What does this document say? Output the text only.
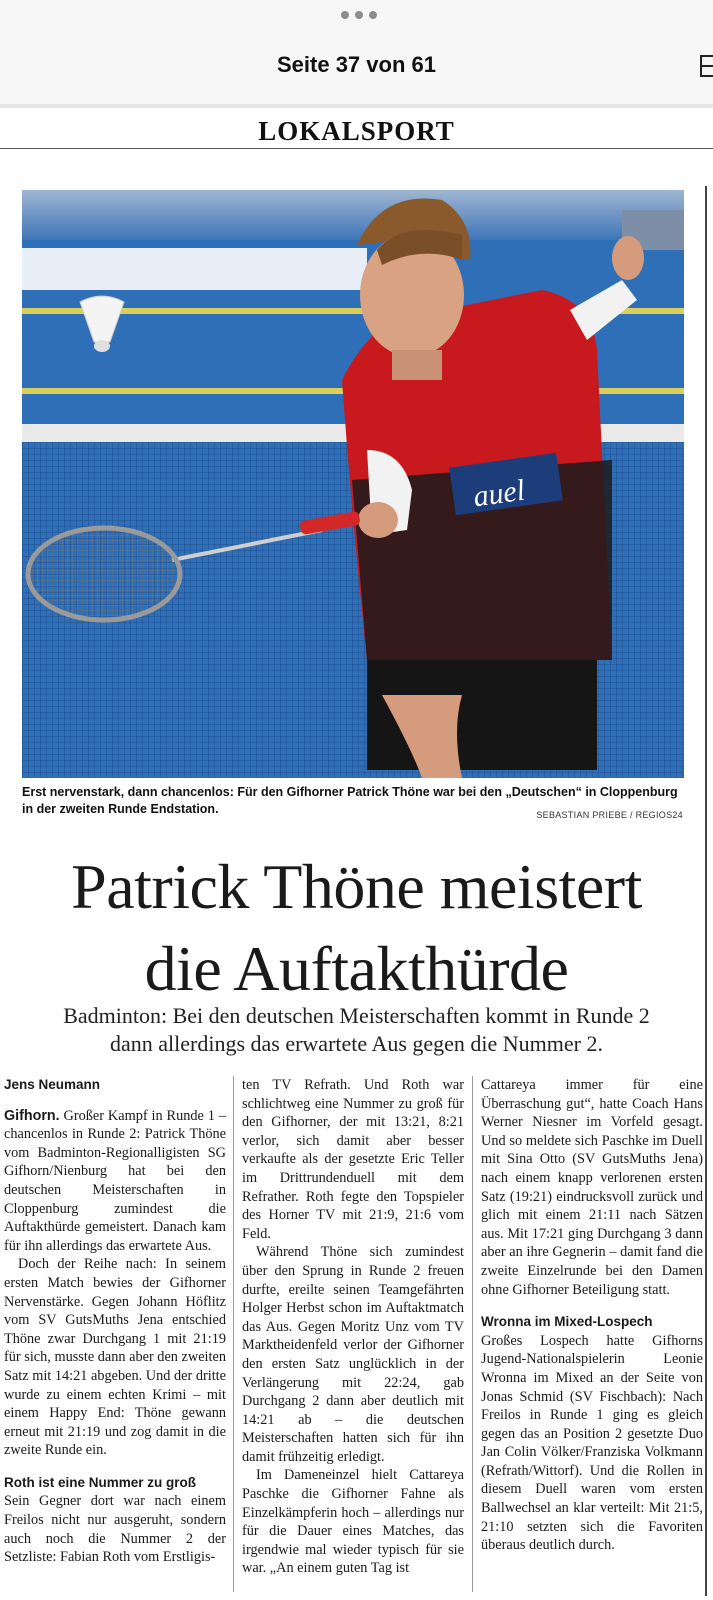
Seite 37 von 61
LOKALSPORT
auel
Erst nervenstark, dann chancenlos: Für den Gifhorner Patrick Thöne war bei den „Deutschen“ in Cloppenburg in der zweiten Runde Endstation.	SEBASTIAN PRIEBE / REGIOS24
Patrick Thöne meistert
die Auftakthürde
Badminton: Bei den deutschen Meisterschaften kommt in Runde 2
dann allerdings das erwartete Aus gegen die Nummer 2.
Jens Neumann

Gifhorn. Großer Kampf in Runde 1 – chancenlos in Runde 2: Patrick Thöne vom Badminton-Regionalligisten SG Gifhorn/Nienburg hat bei den deutschen Meisterschaften in Cloppenburg zumindest die Auftakthürde gemeistert. Danach kam für ihn allerdings das erwartete Aus.

Doch der Reihe nach: In seinem ersten Match bewies der Gifhorner Nervenstärke. Gegen Johann Höflitz vom SV GutsMuths Jena entschied Thöne zwar Durchgang 1 mit 21:19 für sich, musste dann aber den zweiten Satz mit 14:21 abgeben. Und der dritte wurde zu einem echten Krimi – mit einem Happy End: Thöne gewann erneut mit 21:19 und zog damit in die zweite Runde ein.

Roth ist eine Nummer zu groß

Sein Gegner dort war nach einem Freilos nicht nur ausgeruht, sondern auch noch die Nummer 2 der Setzliste: Fabian Roth vom Erstligis-

ten TV Refrath. Und Roth war schlichtweg eine Nummer zu groß für den Gifhorner, der mit 13:21, 8:21 verlor, sich damit aber besser verkaufte als der gesetzte Eric Teller im Drittrundenduell mit dem Refrather. Roth fegte den Topspieler des Horner TV mit 21:9, 21:6 vom Feld.

Während Thöne sich zumindest über den Sprung in Runde 2 freuen durfte, ereilte seinen Teamgefährten Holger Herbst schon im Auftaktmatch das Aus. Gegen Moritz Unz vom TV Marktheidenfeld verlor der Gifhorner den ersten Satz unglücklich in der Verlängerung mit 22:24, gab Durchgang 2 dann aber deutlich mit 14:21 ab – die deutschen Meisterschaften hatten sich für ihn damit frühzeitig erledigt.

Im Dameneinzel hielt Cattareya Paschke die Gifhorner Fahne als Einzelkämpferin hoch – allerdings nur für die Dauer eines Matches, das irgendwie mal wieder typisch für sie war. „An einem guten Tag ist

Cattareya immer für eine Überraschung gut“, hatte Coach Hans Werner Niesner im Vorfeld gesagt. Und so meldete sich Paschke im Duell mit Sina Otto (SV GutsMuths Jena) nach einem knapp verlorenen ersten Satz (19:21) eindrucksvoll zurück und glich mit einem 21:11 nach Sätzen aus. Mit 17:21 ging Durchgang 3 dann aber an ihre Gegnerin – damit fand die zweite Einzelrunde bei den Damen ohne Gifhorner Beteiligung statt.

Wronna im Mixed-Lospech

Großes Lospech hatte Gifhorns Jugend-Nationalspielerin Leonie Wronna im Mixed an der Seite von Jonas Schmid (SV Fischbach): Nach Freilos in Runde 1 ging es gleich gegen das an Position 2 gesetzte Duo Jan Colin Völker/Franziska Volkmann (Refrath/Wittorf). Und die Rollen in diesem Duell waren vom ersten Ballwechsel an klar verteilt: Mit 21:5, 21:10 setzten sich die Favoriten überaus deutlich durch.
